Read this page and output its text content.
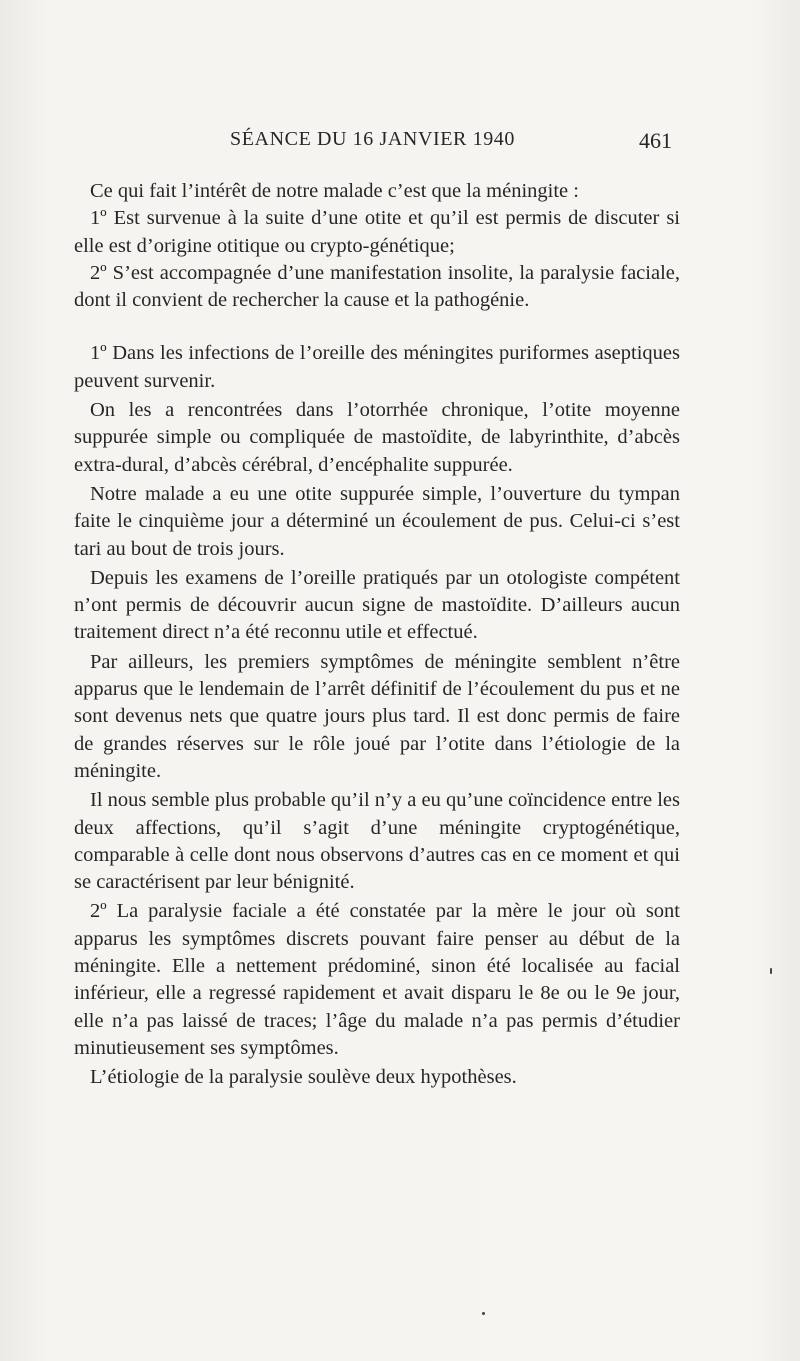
SÉANCE DU 16 JANVIER 1940	461

Ce qui fait l’intérêt de notre malade c’est que la méningite :

1º Est survenue à la suite d’une otite et qu’il est permis de discuter si elle est d’origine otitique ou crypto-génétique;

2º S’est accompagnée d’une manifestation insolite, la paralysie faciale, dont il convient de rechercher la cause et la pathogénie.

1º Dans les infections de l’oreille des méningites puriformes aseptiques peuvent survenir.

On les a rencontrées dans l’otorrhée chronique, l’otite moyenne suppurée simple ou compliquée de mastoïdite, de labyrinthite, d’abcès extra-dural, d’abcès cérébral, d’encéphalite suppurée.

Notre malade a eu une otite suppurée simple, l’ouverture du tympan faite le cinquième jour a déterminé un écoulement de pus. Celui-ci s’est tari au bout de trois jours.

Depuis les examens de l’oreille pratiqués par un otologiste compétent n’ont permis de découvrir aucun signe de mastoïdite. D’ailleurs aucun traitement direct n’a été reconnu utile et effectué.

Par ailleurs, les premiers symptômes de méningite semblent n’être apparus que le lendemain de l’arrêt définitif de l’écoulement du pus et ne sont devenus nets que quatre jours plus tard. Il est donc permis de faire de grandes réserves sur le rôle joué par l’otite dans l’étiologie de la méningite.

Il nous semble plus probable qu’il n’y a eu qu’une coïncidence entre les deux affections, qu’il s’agit d’une méningite cryptogénétique, comparable à celle dont nous observons d’autres cas en ce moment et qui se caractérisent par leur bénignité.

2º La paralysie faciale a été constatée par la mère le jour où sont apparus les symptômes discrets pouvant faire penser au début de la méningite. Elle a nettement prédominé, sinon été localisée au facial inférieur, elle a regressé rapidement et avait disparu le 8e ou le 9e jour, elle n’a pas laissé de traces; l’âge du malade n’a pas permis d’étudier minutieusement ses symptômes.

L’étiologie de la paralysie soulève deux hypothèses.
